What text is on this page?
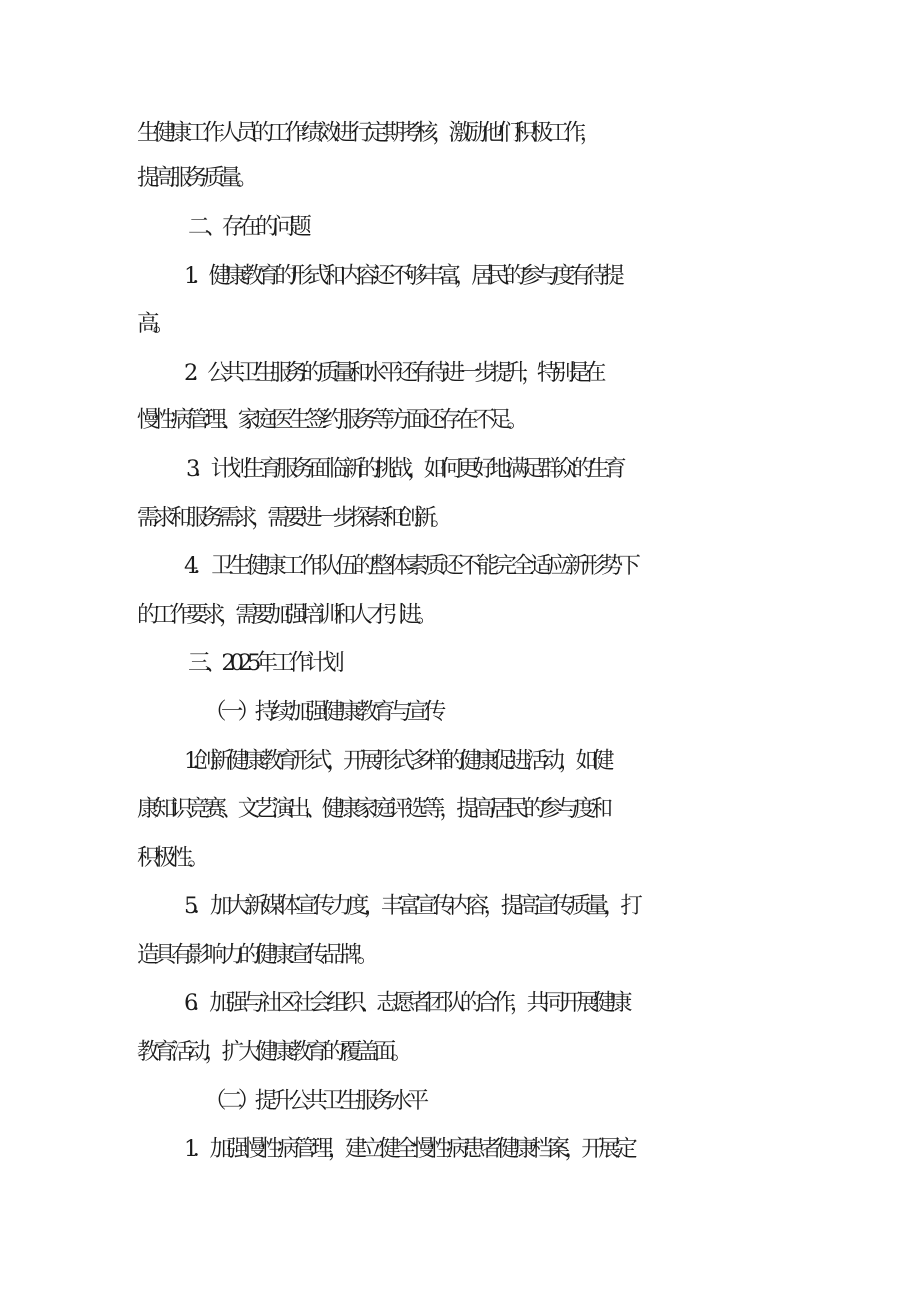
生健康工作人员的工作绩效进行定期考核，激励他们积极工作，
提高服务质量。
二、存在的问题
1．健康教育的形式和内容还不够丰富，居民的参与度有待提
高。
2．公共卫生服务的质量和水平还有待进一步提升，特别是在
慢性病管理、家庭医生签约服务等方面还存在不足。
3．计划生育服务面临新的挑战，如何更好地满足群众的生育
需求和服务需求，需要进一步探索和创新。
4．卫生健康工作队伍的整体素质还不能完全适应新形势下
的工作要求，需要加强培训和人才引进。
三、2025年工作计划
（一）持续加强健康教育与宣传
1.创新健康教育形式，开展形式多样的健康促进活动，如健
康知识竞赛、文艺演出、健康家庭评选等，提高居民的参与度和
积极性。
5．加大新媒体宣传力度，丰富宣传内容，提高宣传质量，打
造具有影响力的健康宣传品牌。
6．加强与社区社会组织、志愿者团队的合作，共同开展健康
教育活动，扩大健康教育的覆盖面。
（二）提升公共卫生服务水平
1．加强慢性病管理，建立健全慢性病患者健康档案，开展定
